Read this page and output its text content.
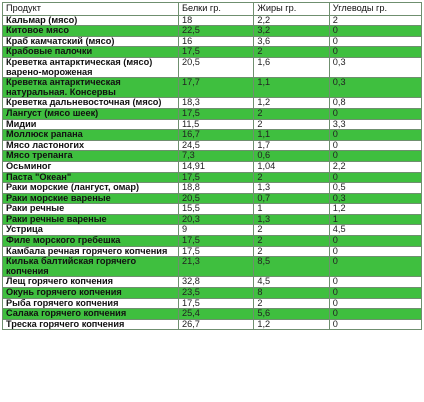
Продукт	Белки гр.	Жиры гр.	Углеводы гр.
Кальмар (мясо)	18	2,2	2
Китовое мясо	22,5	3,2	0
Краб камчатский (мясо)	16	3,6	0
Крабовые палочки	17,5	2	0
Креветка антарктическая (мясо) варено-мороженая	20,5	1,6	0,3
Креветка антарктическая натуральная. Консервы	17,7	1,1	0,3
Креветка дальневосточная (мясо)	18,3	1,2	0,8
Лангуст (мясо шеек)	17,5	2	0
Мидии	11,5	2	3,3
Моллюск рапана	16,7	1,1	0
Мясо ластоногих	24,5	1,7	0
Мясо трепанга	7,3	0,6	0
Осьминог	14,91	1,04	2,2
Паста "Океан"	17,5	2	0
Раки морские (лангуст, омар)	18,8	1,3	0,5
Раки морские вареные	20,5	0,7	0,3
Раки речные	15,5	1	1,2
Раки речные вареные	20,3	1,3	1
Устрица	9	2	4,5
Филе морского гребешка	17,5	2	0
Камбала речная горячего копчения	17,5	2	0
Килька балтийская горячего копчения	21,3	8,5	0
Лещ горячего копчения	32,8	4,5	0
Окунь горячего копчения	23,5	8	0
Рыба горячего копчения	17,5	2	0
Салака горячего копчения	25,4	5,6	0
Треска горячего копчения	26,7	1,2	0
